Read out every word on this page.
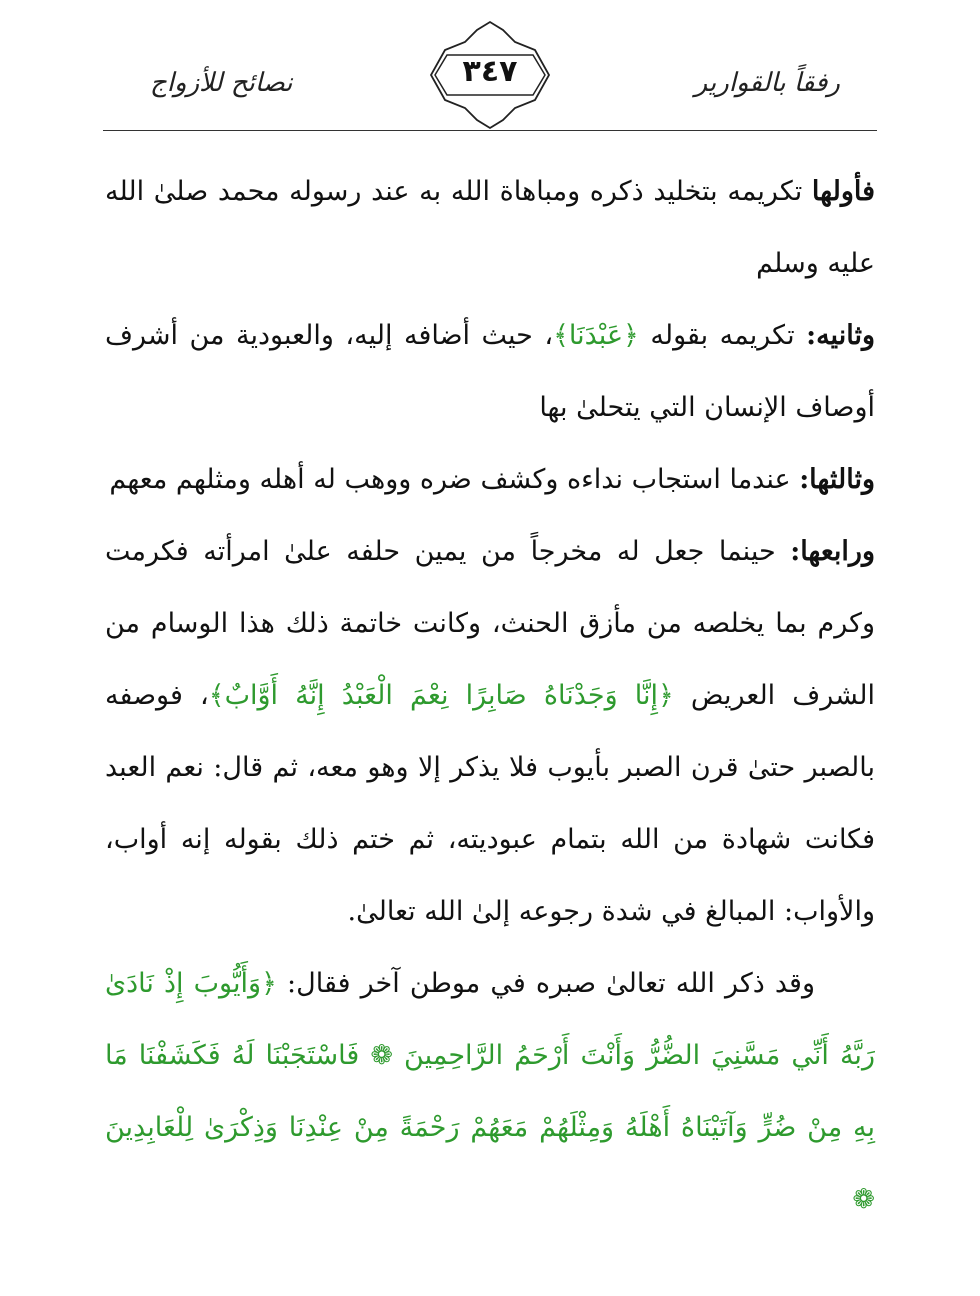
رفقاً بالقوارير
٣٤٧
نصائح للأزواج

فأولها تكريمه بتخليد ذكره ومباهاة الله به عند رسوله محمد صلىٰ الله عليه وسلم

وثانيه: تكريمه بقوله ﴿عَبْدَنَا﴾، حيث أضافه إليه، والعبودية من أشرف أوصاف الإنسان التي يتحلىٰ بها

وثالثها: عندما استجاب نداءه وكشف ضره ووهب له أهله ومثلهم معهم

ورابعها: حينما جعل له مخرجاً من يمين حلفه علىٰ امرأته فكرمت وكرم بما يخلصه من مأزق الحنث، وكانت خاتمة ذلك هذا الوسام من الشرف العريض ﴿إِنَّا وَجَدْنَاهُ صَابِرًا نِعْمَ الْعَبْدُ إِنَّهُ أَوَّابٌ﴾، فوصفه بالصبر حتىٰ قرن الصبر بأيوب فلا يذكر إلا وهو معه، ثم قال: نعم العبد فكانت شهادة من الله بتمام عبوديته، ثم ختم ذلك بقوله إنه أواب، والأواب: المبالغ في شدة رجوعه إلىٰ الله تعالىٰ.

وقد ذكر الله تعالىٰ صبره في موطن آخر فقال: ﴿وَأَيُّوبَ إِذْ نَادَىٰ رَبَّهُ أَنِّي مَسَّنِيَ الضُّرُّ وَأَنْتَ أَرْحَمُ الرَّاحِمِينَ ❁ فَاسْتَجَبْنَا لَهُ فَكَشَفْنَا مَا بِهِ مِنْ ضُرٍّ وَآتَيْنَاهُ أَهْلَهُ وَمِثْلَهُمْ مَعَهُمْ رَحْمَةً مِنْ عِنْدِنَا وَذِكْرَىٰ لِلْعَابِدِينَ ❁
